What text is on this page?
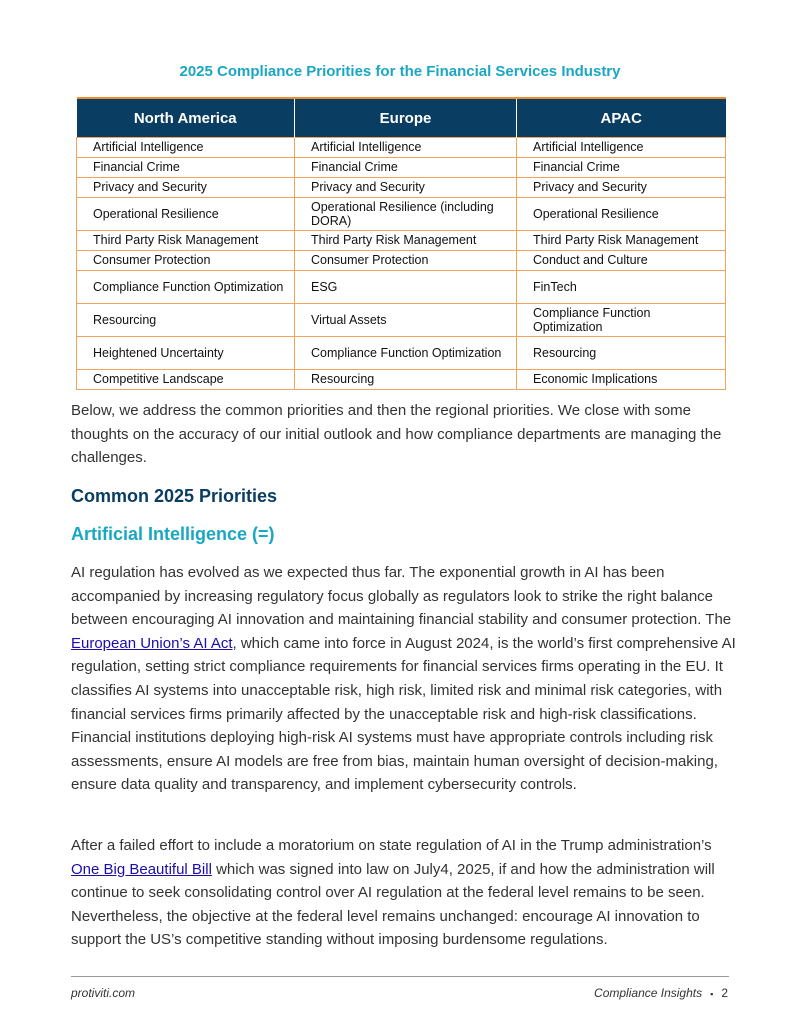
2025 Compliance Priorities for the Financial Services Industry
North America	Europe	APAC
Artificial Intelligence	Artificial Intelligence	Artificial Intelligence
Financial Crime	Financial Crime	Financial Crime
Privacy and Security	Privacy and Security	Privacy and Security
Operational Resilience	Operational Resilience (including DORA)	Operational Resilience
Third Party Risk Management	Third Party Risk Management	Third Party Risk Management
Consumer Protection	Consumer Protection	Conduct and Culture
Compliance Function Optimization	ESG	FinTech
Resourcing	Virtual Assets	Compliance Function Optimization
Heightened Uncertainty	Compliance Function Optimization	Resourcing
Competitive Landscape	Resourcing	Economic Implications

Below, we address the common priorities and then the regional priorities. We close with some thoughts on the accuracy of our initial outlook and how compliance departments are managing the challenges.

Common 2025 Priorities
Artificial Intelligence (=)

AI regulation has evolved as we expected thus far. The exponential growth in AI has been accompanied by increasing regulatory focus globally as regulators look to strike the right balance between encouraging AI innovation and maintaining financial stability and consumer protection. The European Union’s AI Act, which came into force in August 2024, is the world’s first comprehensive AI regulation, setting strict compliance requirements for financial services firms operating in the EU. It classifies AI systems into unacceptable risk, high risk, limited risk and minimal risk categories, with financial services firms primarily affected by the unacceptable risk and high-risk classifications. Financial institutions deploying high-risk AI systems must have appropriate controls including risk assessments, ensure AI models are free from bias, maintain human oversight of decision-making, ensure data quality and transparency, and implement cybersecurity controls.

After a failed effort to include a moratorium on state regulation of AI in the Trump administration’s One Big Beautiful Bill which was signed into law on July4, 2025, if and how the administration will continue to seek consolidating control over AI regulation at the federal level remains to be seen. Nevertheless, the objective at the federal level remains unchanged: encourage AI innovation to support the US’s competitive standing without imposing burdensome regulations.

protiviti.com	Compliance Insights ▪ 2
